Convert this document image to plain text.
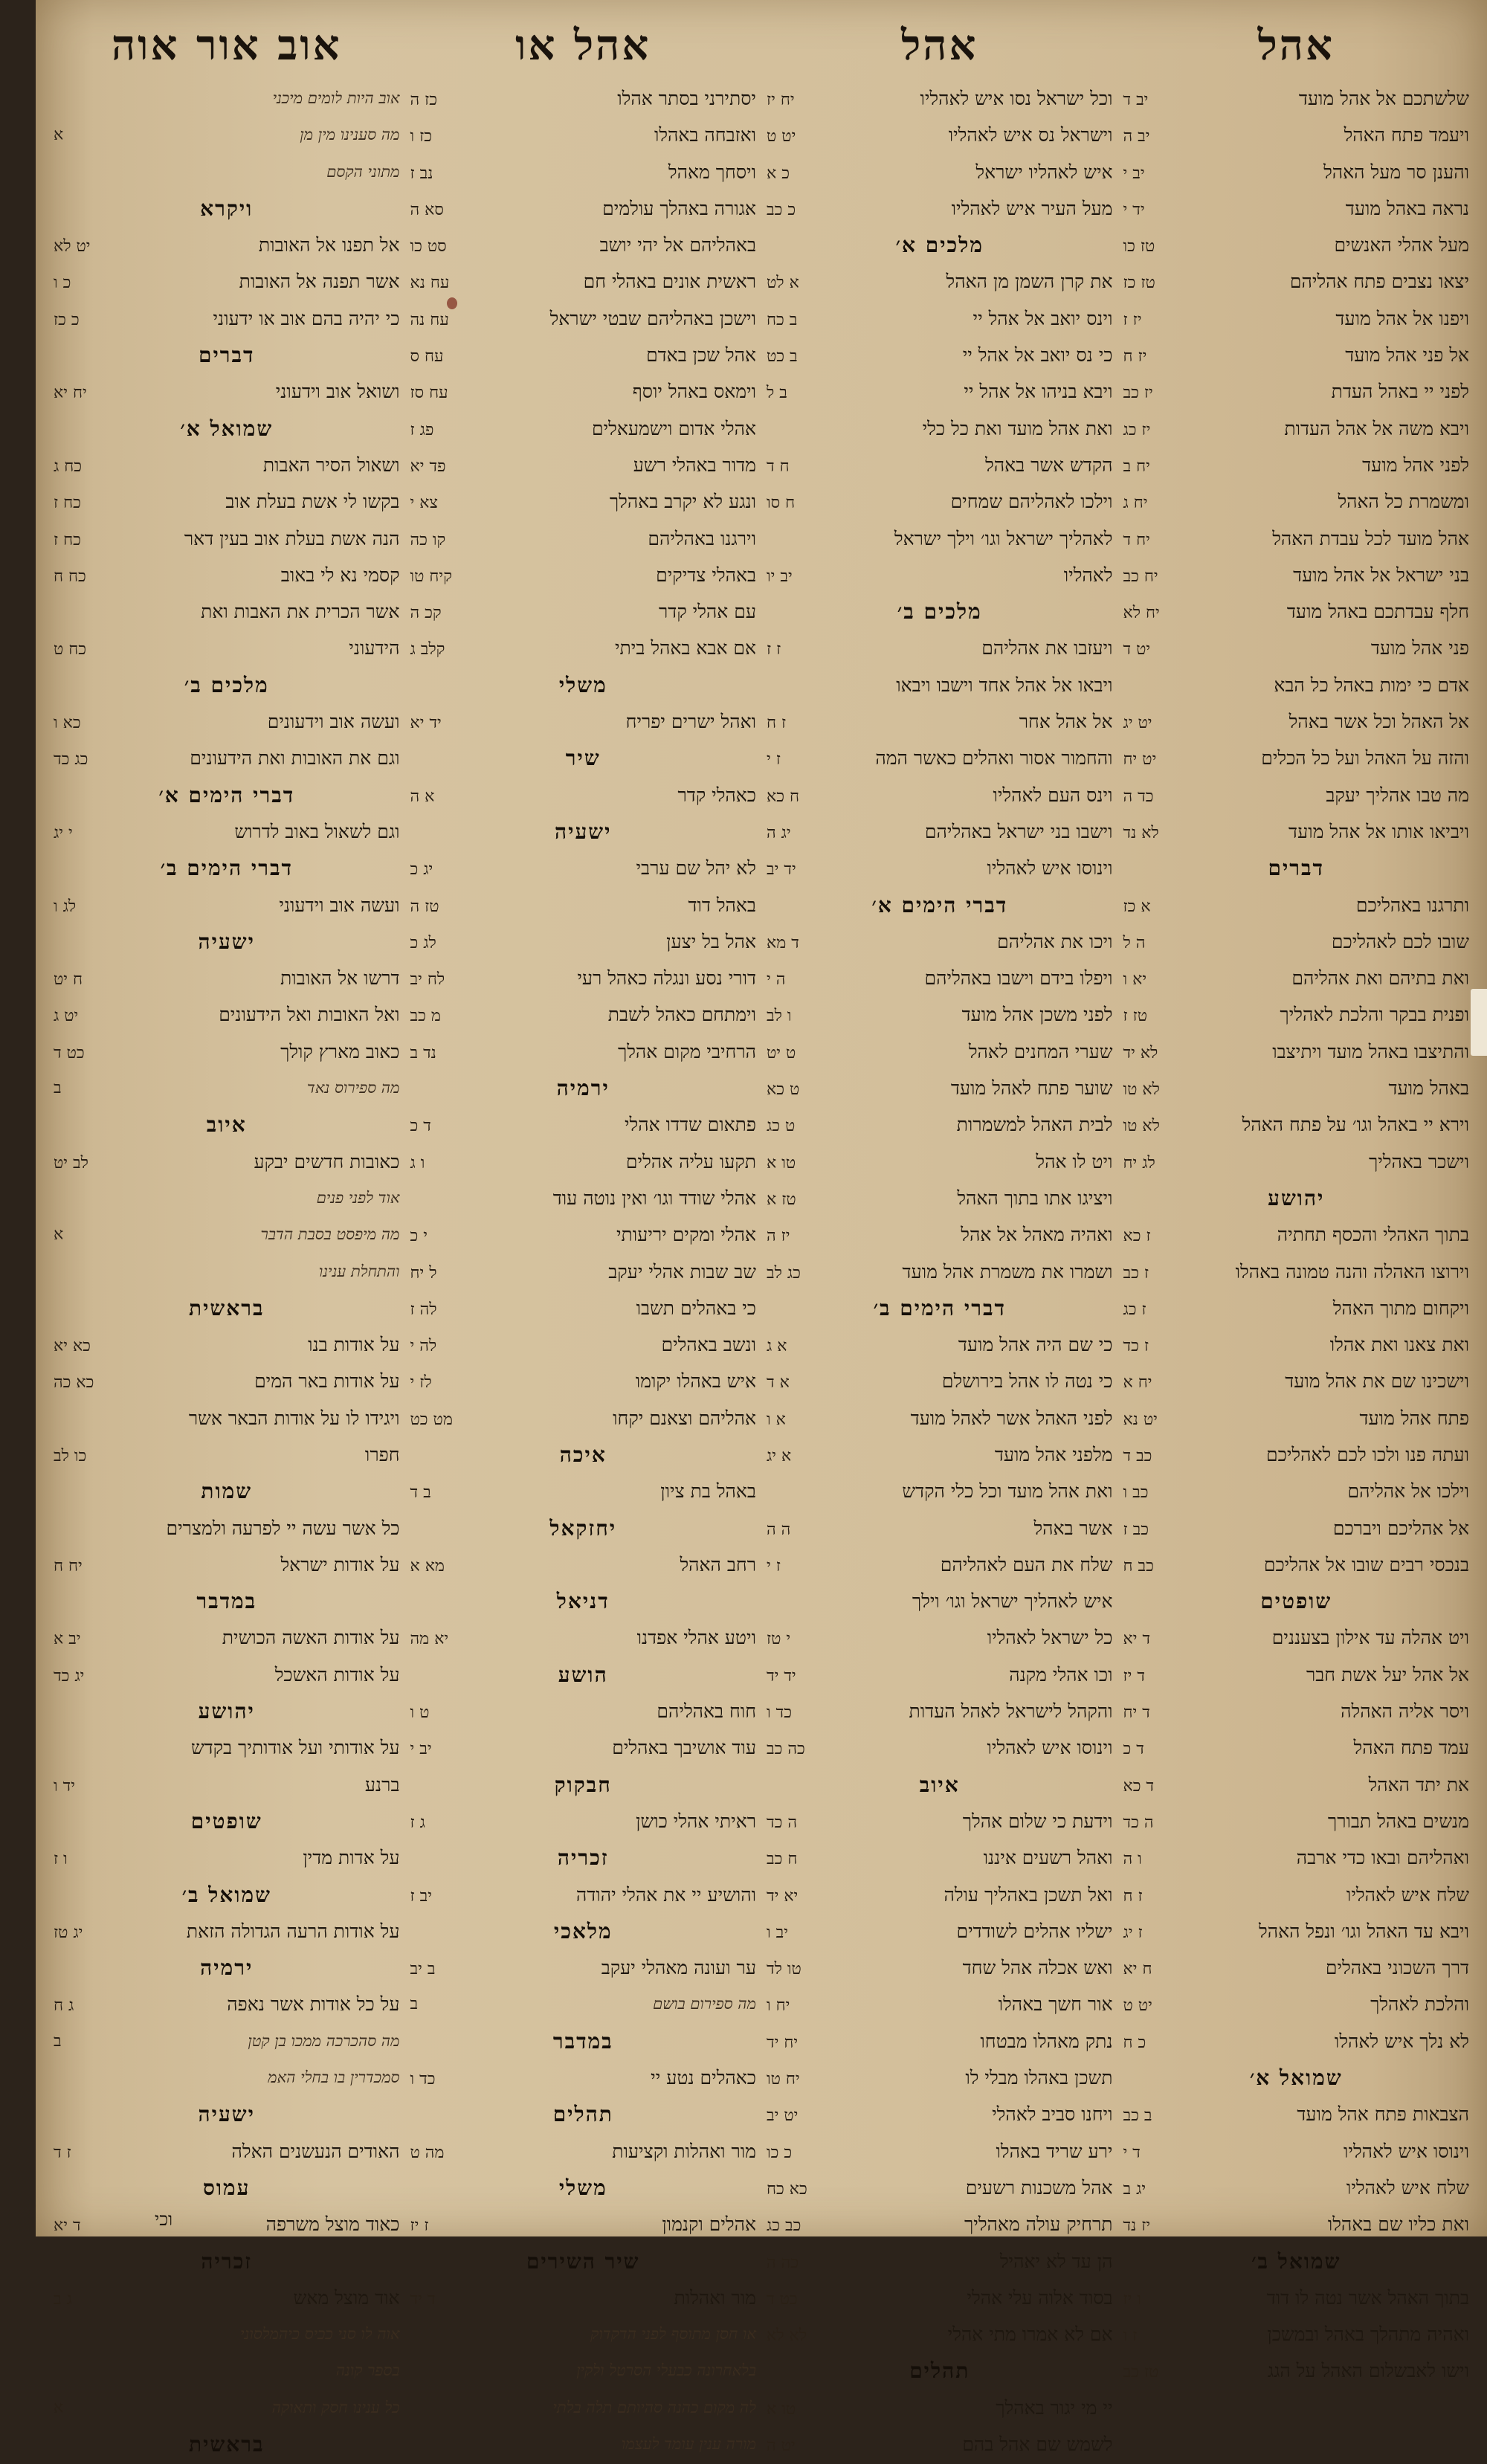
אהל
שלשתכם אל אהל מועד
יב ד
ויעמד פתח האהל
יב ה
והענן סר מעל האהל
יב י
נראה באהל מועד
יד י
מעל אהלי האנשים
טז כו
יצאו נצבים פתח אהליהם
טז כז
ויפנו אל אהל מועד
יז ז
אל פני אהל מועד
יז ח
לפני יי באהל העדת
יז כב
ויבא משה אל אהל העדות
יז כג
לפני אהל מועד
יח ב
ומשמרת כל האהל
יח ג
אהל מועד לכל עבדת האהל
יח ד
בני ישראל אל אהל מועד
יח כב
חלף עבדתכם באהל מועד
יח לא
פני אהל מועד
יט ד
אדם כי ימות באהל כל הבא
אל האהל וכל אשר באהל
יט יג
והזה על האהל ועל כל הכלים
יט יח
מה טבו אהליך יעקב
כד ה
ויביאו אותו אל אהל מועד
לא נד
דברים
ותרגנו באהליכם
א כז
שובו לכם לאהליכם
ה ל
ואת בתיהם ואת אהליהם
יא ו
ופנית בבקר והלכת לאהליך
טז ז
והתיצבו באהל מועד ויתיצבו
לא יד
באהל מועד
לא טו
וירא יי באהל וגו׳ על פתח האהל
לא טו
וישכר באהליך
לג יח
יהושע
בתוך האהלי והכסף תחתיה
ז כא
וירוצו האהלה והנה טמונה באהלו
ז כב
ויקחום מתוך האהל
ז כג
ואת צאנו ואת אהלו
ז כד
וישכינו שם את אהל מועד
יח א
פתח אהל מועד
יט נא
ועתה פנו ולכו לכם לאהליכם
כב ד
וילכו אל אהליהם
כב ו
אל אהליכם ויברכם
כב ז
בנכסי רבים שובו אל אהליכם
כב ח
שופטים
ויט אהלה עד אילון בצעננים
ד יא
אל אהל יעל אשת חבר
ד יז
ויסר אליה האהלה
ד יח
עמד פתח האהל
ד כ
את יתד האהל
ד כא
מנשים באהל תבורך
ה כד
ואהליהם ובאו כדי ארבה
ו ה
שלח איש לאהליו
ז ח
ויבא עד האהל וגו׳ ונפל האהל
ז יג
דרך השכוני באהלים
ח יא
והלכת לאהלך
יט ט
לא נלך איש לאהלו
כ ח
שמואל א׳
הצבאות פתח אהל מועד
ב כב
וינוסו איש לאהליו
ד י
שלח איש לאהליו
יג ב
ואת כליו שם באהלו
יז נד
שמואל ב׳
בתוך האהל אשר נטה לו דוד
ו יז
ואהיה מתהלך באהל ובמשכן
ז ו
וישו לאבשלום האהל על הגג
טז כב
אהל
וכל ישראל נסו איש לאהליו
יח יז
וישראל נס איש לאהליו
יט ט
איש לאהליו ישראל
כ א
מעל העיר איש לאהליו
כ כב
מלכים א׳
את קרן השמן מן האהל
א לט
וינס יואב אל אהל יי
ב כח
כי נס יואב אל אהל יי
ב כט
ויבא בניהו אל אהל יי
ב ל
ואת אהל מועד ואת כל כלי
הקדש אשר באהל
ח ד
וילכו לאהליהם שמחים
ח סו
לאהליך ישראל וגו׳ וילך ישראל
לאהליו
יב יו
מלכים ב׳
ויעזבו את אהליהם
ז ז
ויבאו אל אהל אחד וישבו ויבאו
אל אהל אחר
ז ח
והחמור אסור ואהלים כאשר המה
ז י
וינס העם לאהליו
ח כא
וישבו בני ישראל באהליהם
יג ה
וינוסו איש לאהליו
יד יב
דברי הימים א׳
ויכו את אהליהם
ד מא
ויפלו בידם וישבו באהליהם
ה י
לפני משכן אהל מועד
ו לב
שערי המחנים לאהל
ט יט
שוער פתח לאהל מועד
ט כא
לבית האהל למשמרות
ט כג
ויט לו אהל
טו א
ויציגו אתו בתוך האהל
טז א
ואהיה מאהל אל אהל
יז ה
ושמרו את משמרת אהל מועד
כג לב
דברי הימים ב׳
כי שם היה אהל מועד
א ג
כי נטה לו אהל בירושלם
א ד
לפני האהל אשר לאהל מועד
א ו
מלפני אהל מועד
א יג
ואת אהל מועד וכל כלי הקדש
אשר באהל
ה ה
שלח את העם לאהליהם
ז י
איש לאהליך ישראל וגו׳ וילך
כל ישראל לאהליו
י טז
וכו אהלי מקנה
יד יד
והקהל לישראל לאהל העדות
כד ו
וינוסו איש לאהליו
כה כב
איוב
וידעת כי שלום אהלך
ה כד
ואהל רשעים איננו
ח כב
ואל תשכן באהליך עולה
יא יד
ישליו אהלים לשודדים
יב ו
ואש אכלה אהל שחד
טו לד
אור חשך באהלו
יח ו
נתק מאהלו מבטחו
יח יד
תשכן באהלו מבלי לו
יח טו
ויחנו סביב לאהלי
יט יב
ירע שריד באהלו
כ כו
אהל משכנות רשעים
כא כח
תרחיק עולה מאהליך
כב כג
הן עד לא יאהיל
כה ה
בסוד אלוה עלי אהלי
כט ד
אם לא אמרו מתי אהלי
לא לא
תהלים
יי מי יגור באהלך
טו א
לשמש שם אהל בהם
יט ה
אהל או
יסתירני בסתר אהלו
כז ה
ואזבחה באהלו
כז ו
ויסחך מאהל
נב ז
אגורה באהלך עולמים
סא ה
באהליהם אל יהי יושב
סט כו
ראשית אונים באהלי חם
עח נא
וישכן באהליהם שבטי ישראל
עח נה
אהל שכן באדם
עח ס
וימאס באהל יוסף
עח סז
אהלי אדום וישמעאלים
פג ז
מדור באהלי רשע
פד יא
ונגע לא יקרב באהלך
צא י
וירגנו באהליהם
קו כה
באהלי צדיקים
קיח טו
עם אהלי קדר
קכ ה
אם אבא באהל ביתי
קלב ג
משלי
ואהל ישרים יפריח
יד יא
שיר
כאהלי קדר
א ה
ישעיה
לא יהל שם ערבי
יג כ
באהל דוד
טז ה
אהל בל יצען
לג כ
דורי נסע ונגלה כאהל רעי
לח יב
וימתחם כאהל לשבת
מ כב
הרחיבי מקום אהלך
נד ב
ירמיה
פתאום שדדו אהלי
ד כ
תקעו עליה אהלים
ו ג
אהלי שודד וגו׳ ואין נוטה עוד
אהלי ומקים יריעותי
י כ
שב שבות אהלי יעקב
ל יח
כי באהלים תשבו
לה ז
ונשב באהלים
לה י
איש באהלו יקומו
לז י
אהליהם וצאנם יקחו
מט כט
איכה
באהל בת ציון
ב ד
יחזקאל
רחב האהל
מא א
דניאל
ויטע אהלי אפדנו
יא מה
הושע
חוח באהליהם
ט ו
עוד אושיבך באהלים
יב י
חבקוק
ראיתי אהלי כושן
ג ז
זכריה
והושיע יי את אהלי יהודה
יב ז
מלאכי
ער ועונה מאהלי יעקב
ב יב
מה ספירום בושם
ב
במדבר
כאהלים נטע יי
כד ו
תהלים
מור ואהלות וקציעות
מה ט
משלי
אהלים וקנמון
ז יז
שיר השירים
מור ואהלות
ד יד
או חסן מתוסף לפני הדקדוק
בלאחרונה כבעלי הסרטל ולקין
לה מקום כהנה סהיותם תלה בלתי
מורה ענין עומד לעצמו
אוב אור אוה
אוב היות לומים מיכני
מה סענינו מין מן
א
מתוני הקסם
ויקרא
אל תפנו אל האובות
יט לא
אשר תפנה אל האובות
כ ו
כי יהיה בהם אוב או ידעוני
כ כז
דברים
ושואל אוב וידעוני
יח יא
שמואל א׳
ושאול הסיר האבות
כח ג
בקשו לי אשת בעלת אוב
כח ז
הנה אשת בעלת אוב בעין דאר
כח ז
קסמי נא לי באוב
כח ח
אשר הכרית את האבות ואת
הידעוני
כח ט
מלכים ב׳
ועשה אוב וידעונים
כא ו
וגם את האובות ואת הידעונים
כג כד
דברי הימים א׳
וגם לשאול באוב לדרוש
י יג
דברי הימים ב׳
ועשה אוב וידעוני
לג ו
ישעיה
דרשו אל האובות
ח יט
ואל האובות ואל הידעונים
יט ג
כאוב מארץ קולך
כט ד
מה ספירוס נאד
ב
איוב
כאובות חדשים יבקע
לב יט
אוד לפני פנים
מה מיפסט בסבת הדבר
א
והתחלת ענינו
בראשית
על אודות בנו
כא יא
על אודות באר המים
כא כה
ויגידו לו על אודות הבאר אשר
חפרו
כו לב
שמות
כל אשר עשה יי לפרעה ולמצרים
על אודות ישראל
יח ח
במדבר
על אודות האשה הכושית
יב א
על אודות האשכל
יג כד
יהושע
על אודותי ועל אודותיך בקדש
ברנע
יד ו
שופטים
על אדות מדין
ו ז
שמואל ב׳
על אודות הרעה הגדולה הזאת
יג טז
ירמיה
על כל אודות אשר נאפה
ג ח
מה סהכרכה ממכו בן קטן
ב
סמכדרין בו בחלי האמ
ישעיה
האודים הנעשנים האלה
ז ד
עמוס
כאוד מוצל משרפה
ד יא
זכריה
אוד מוצל מאש
ג ב
אוה לו סני ככיס כיהמלסוני
בספר קונה
כל ענינו חסק ותאוקה
א
בראשית
וכי
